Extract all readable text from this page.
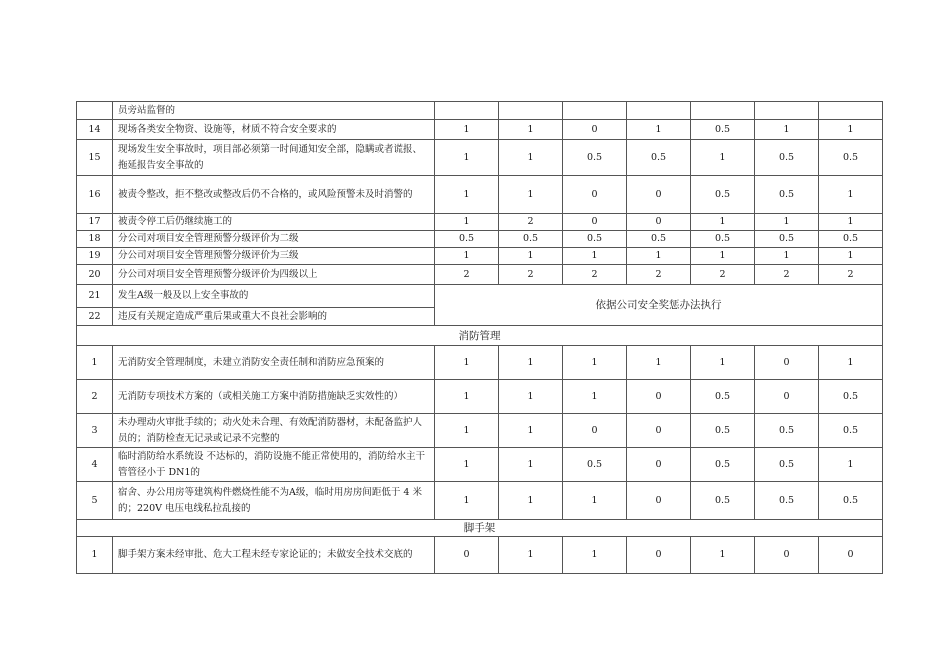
	员旁站监督的							
14	现场各类安全物资、设施等，材质不符合安全要求的	1	1	0	1	0.5	1	1
15	现场发生安全事故时，项目部必须第一时间通知安全部，隐瞒或者谎报、拖延报告安全事故的	1	1	0.5	0.5	1	0.5	0.5
16	被责令整改，拒不整改或整改后仍不合格的，或风险预警未及时消警的	1	1	0	0	0.5	0.5	1
17	被责令停工后仍继续施工的	1	2	0	0	1	1	1
18	分公司对项目安全管理预警分级评价为二级	0.5	0.5	0.5	0.5	0.5	0.5	0.5
19	分公司对项目安全管理预警分级评价为三级	1	1	1	1	1	1	1
20	分公司对项目安全管理预警分级评价为四级以上	2	2	2	2	2	2	2
21	发生A级一般及以上安全事故的	依据公司安全奖惩办法执行						
22	违反有关规定造成严重后果或重大不良社会影响的							
消防管理								
1	无消防安全管理制度，未建立消防安全责任制和消防应急预案的	1	1	1	1	1	0	1
2	无消防专项技术方案的（或相关施工方案中消防措施缺乏实效性的）	1	1	1	0	0.5	0	0.5
3	未办理动火审批手续的；动火处未合理、有效配消防器材，未配备监护人员的；消防检查无记录或记录不完整的	1	1	0	0	0.5	0.5	0.5
4	临时消防给水系统设 不达标的，消防设施不能正常使用的，消防给水主干管管径小于 DN1的	1	1	0.5	0	0.5	0.5	1
5	宿舍、办公用房等建筑构件燃烧性能不为A级，临时用房房间距低于 4 米的；220V 电压电线私拉乱接的	1	1	1	0	0.5	0.5	0.5
脚手架								
1	脚手架方案未经审批、危大工程未经专家论证的；未做安全技术交底的	0	1	1	0	1	0	0
